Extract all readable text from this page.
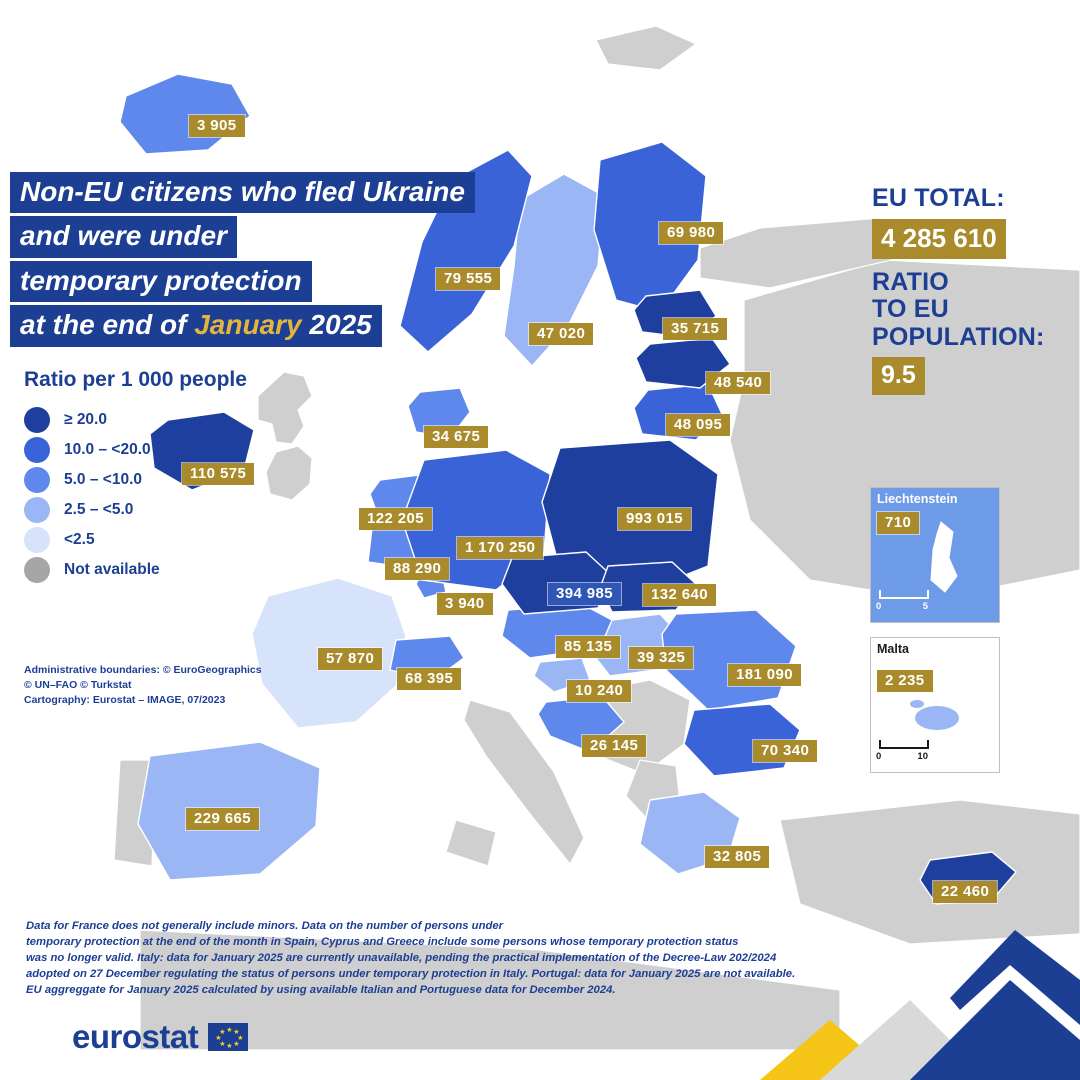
Non-EU citizens who fled Ukraine
and were under
temporary protection
at the end of January 2025
Ratio per 1 000 people
≥ 20.0
10.0 – <20.0
5.0 – <10.0
2.5 – <5.0
<2.5
Not available
Administrative boundaries: © EuroGeographics
© UN–FAO © Turkstat
Cartography: Eurostat – IMAGE, 07/2023
EU TOTAL:
4 285 610
RATIO
TO EU
POPULATION:
9.5
Liechtenstein
710
0	5
Malta
2 235
0	10
3 905
69 980
79 555
47 020	35 715
48 540
48 095
34 675
110 575
122 205	993 015
1 170 250
88 290
394 985	132 640
3 940
85 135
39 325
181 090
57 870
68 395
10 240
26 145	70 340
229 665
32 805
22 460
Data for France does not generally include minors. Data on the number of persons under
temporary protection at the end of the month in Spain, Cyprus and Greece include some persons whose temporary protection status
was no longer valid. Italy: data for January 2025 are currently unavailable, pending the practical implementation of the Decree-Law 202/2024
adopted on 27 December regulating the status of persons under temporary protection in Italy. Portugal: data for January 2025 are not available.
EU aggreggate for January 2025 calculated by using available Italian and Portuguese data for December 2024.
eurostat	★ ★
★
★
★
★
★
★
